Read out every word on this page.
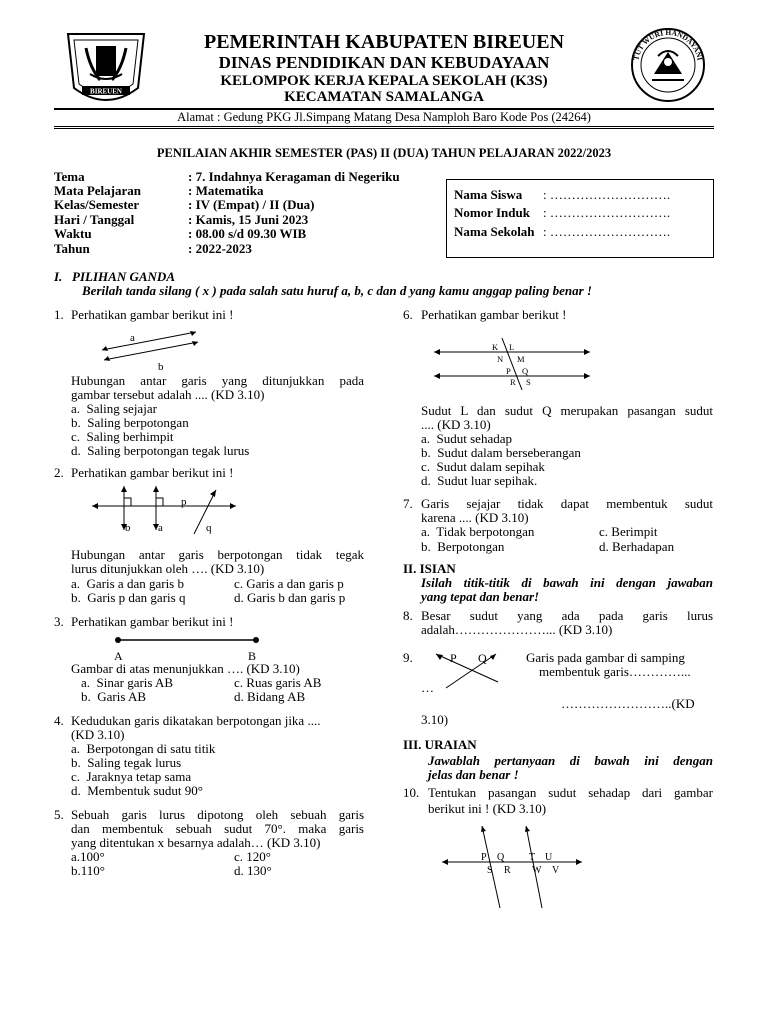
BIREUEN
TUT WURI HANDAYANI
PEMERINTAH KABUPATEN BIREUEN
DINAS PENDIDIKAN DAN KEBUDAYAAN
KELOMPOK KERJA KEPALA SEKOLAH (K3S)
KECAMATAN SAMALANGA
Alamat : Gedung PKG Jl.Simpang Matang Desa Namploh Baro Kode Pos (24264)
PENILAIAN AKHIR SEMESTER (PAS) II (DUA) TAHUN PELAJARAN 2022/2023
Tema	: 7. Indahnya Keragaman di Negeriku
Mata Pelajaran	: Matematika
Kelas/Semester	: IV (Empat) / II (Dua)
Hari / Tanggal	: Kamis, 15 Juni 2023
Waktu	: 08.00 s/d 09.30 WIB
Tahun	: 2022-2023
Nama Siswa : ……………………….
Nomor Induk : ……………………….
Nama Sekolah : ……………………….
I.   PILIHAN GANDA
Berilah tanda silang ( x ) pada salah satu huruf a, b, c dan d yang kamu anggap paling benar !
1. Perhatikan gambar berikut ini !
a
b
Hubungan antar garis yang ditunjukkan pada
gambar tersebut adalah .... (KD 3.10)
a.  Saling sejajar
b.  Saling berpotongan
c.  Saling berhimpit
d.  Saling berpotongan tegak lurus
2. Perhatikan gambar berikut ini !
b	a
p
q
Hubungan antar garis berpotongan tidak tegak
lurus ditunjukkan oleh …. (KD 3.10)
a.  Garis a dan garis b	c. Garis a dan garis p
b.  Garis p dan garis q	d. Garis b dan garis p
3. Perhatikan gambar berikut ini !
A	B
Gambar di atas menunjukkan …. (KD 3.10)
a.  Sinar garis AB	c. Ruas garis AB
b.  Garis AB	d. Bidang AB
4. Kedudukan garis dikatakan berpotongan jika ....
(KD 3.10)
a.  Berpotongan di satu titik
b.  Saling tegak lurus
c.  Jaraknya tetap sama
d.  Membentuk sudut 90°
5. Sebuah garis lurus dipotong oleh sebuah garis
dan membentuk sebuah sudut 70°. maka garis
yang ditentukan x besarnya adalah… (KD 3.10)
a.100°	c. 120°
b.110°	d. 130°
6. Perhatikan gambar berikut !
K L
N M
P Q
R S
Sudut L dan sudut Q merupakan pasangan sudut
.... (KD 3.10)
a.  Sudut sehadap
b.  Sudut dalam berseberangan
c.  Sudut dalam sepihak
d.  Sudut luar sepihak.
7. Garis sejajar tidak dapat membentuk sudut
karena .... (KD 3.10)
a.  Tidak berpotongan	c. Berimpit
b.  Berpotongan	d. Berhadapan
II. ISIAN
Isilah titik-titik di bawah ini dengan jawaban
yang tepat dan benar!
8. Besar sudut yang ada pada garis lurus
adalah…………………... (KD 3.10)
9.	P Q	Garis pada gambar di samping
membentuk garis…………...
…
……………………..(KD
3.10)
III. URAIAN
Jawablah pertanyaan di bawah ini dengan
jelas dan benar !
10. Tentukan pasangan sudut sehadap dari gambar
berikut ini ! (KD 3.10)
P Q T U
S R W V
